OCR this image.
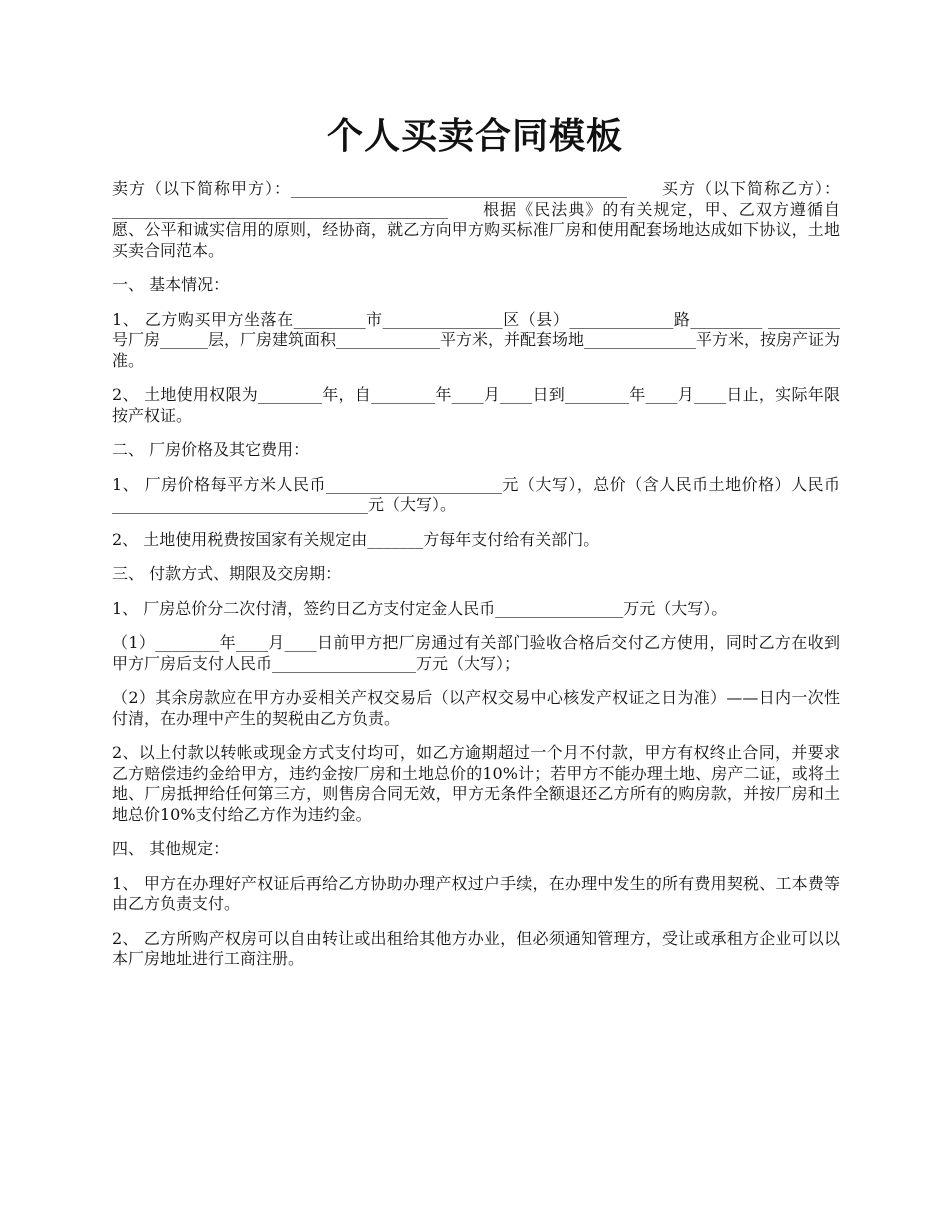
个人买卖合同模板

卖方（以下简称甲方）：__________________________________________　　买方（以下简称乙方）：__________________________________________　　根据《民法典》的有关规定，甲、乙双方遵循自愿、公平和诚实信用的原则，经协商，就乙方向甲方购买标准厂房和使用配套场地达成如下协议，土地买卖合同范本。

一、 基本情况：

1、 乙方购买甲方坐落在_________市_______________区（县）_____________路_________ _________号厂房______层，厂房建筑面积_____________平方米，并配套场地______________平方米，按房产证为准。

2、 土地使用权限为________年，自________年____月____日到________年____月____日止，实际年限按产权证。

二、 厂房价格及其它费用：

1、 厂房价格每平方米人民币______________________元（大写），总价（含人民币土地价格）人民币________________________________元（大写）。

2、 土地使用税费按国家有关规定由_______方每年支付给有关部门。

三、 付款方式、期限及交房期：

1、 厂房总价分二次付清，签约日乙方支付定金人民币________________万元（大写）。

（1）________年____月____日前甲方把厂房通过有关部门验收合格后交付乙方使用，同时乙方在收到甲方厂房后支付人民币__________________万元（大写）；

（2）其余房款应在甲方办妥相关产权交易后（以产权交易中心核发产权证之日为准）——日内一次性付清，在办理中产生的契税由乙方负责。

2、以上付款以转帐或现金方式支付均可，如乙方逾期超过一个月不付款，甲方有权终止合同，并要求乙方赔偿违约金给甲方，违约金按厂房和土地总价的10%计；若甲方不能办理土地、房产二证，或将土地、厂房抵押给任何第三方，则售房合同无效，甲方无条件全额退还乙方所有的购房款，并按厂房和土地总价10%支付给乙方作为违约金。

四、 其他规定：

1、 甲方在办理好产权证后再给乙方协助办理产权过户手续，在办理中发生的所有费用契税、工本费等由乙方负责支付。

2、 乙方所购产权房可以自由转让或出租给其他方办业，但必须通知管理方，受让或承租方企业可以以本厂房地址进行工商注册。
